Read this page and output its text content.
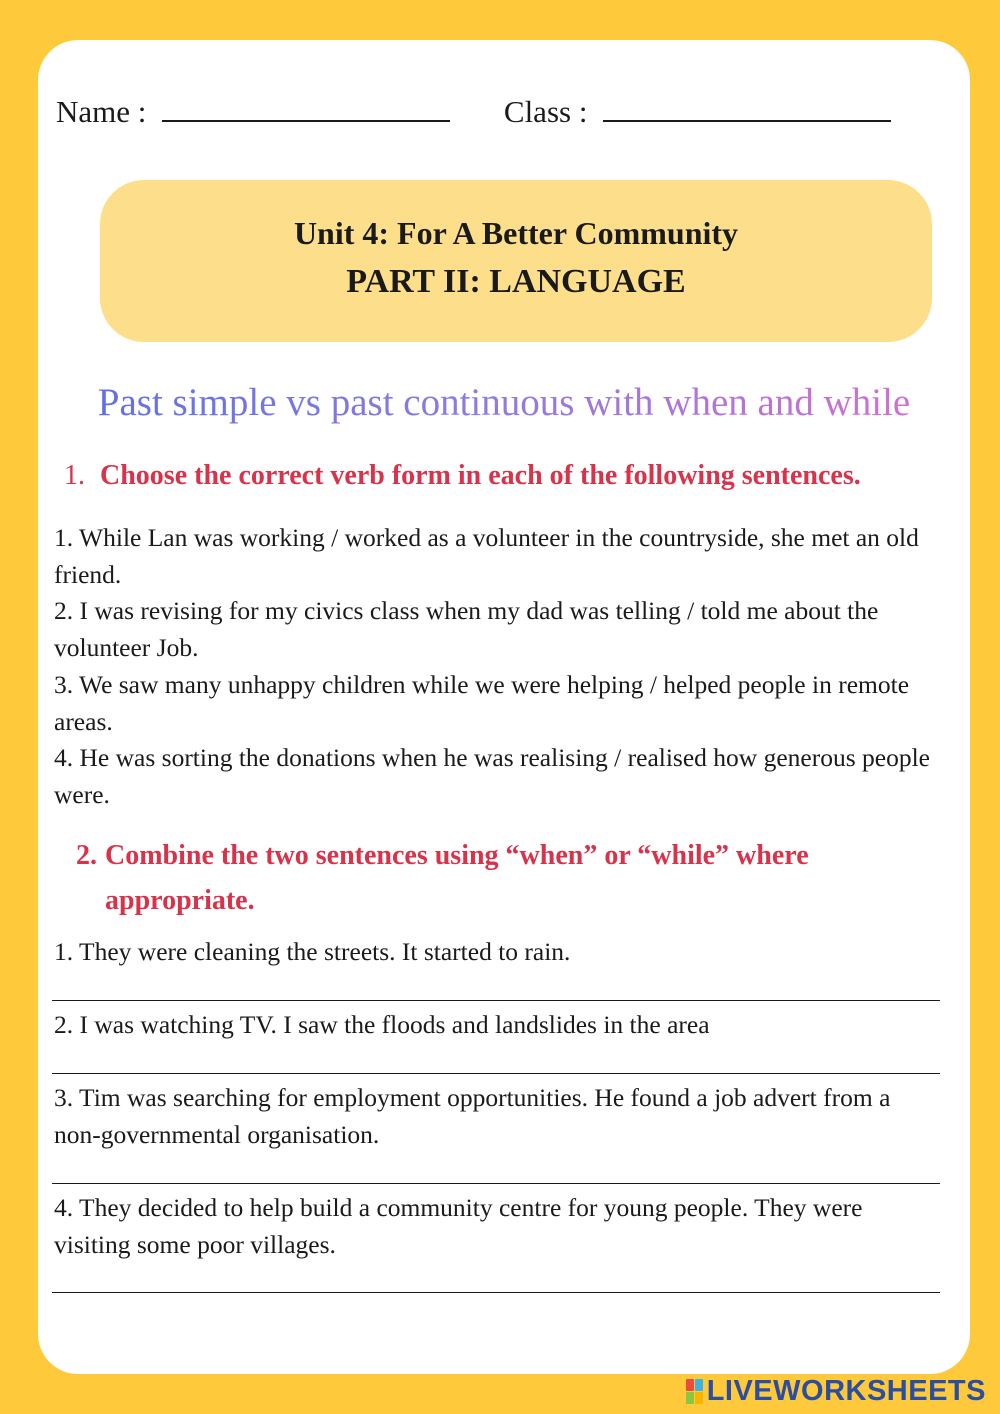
Name :	Class :
Unit 4: For A Better Community
PART II: LANGUAGE
Past simple vs past continuous with when and while
1. Choose the correct verb form in each of the following sentences.

1. While Lan was working / worked as a volunteer in the countryside, she met an old friend.

2. I was revising for my civics class when my dad was telling / told me about the volunteer Job.

3. We saw many unhappy children while we were helping / helped people in remote areas.

4. He was sorting the donations when he was realising / realised how generous people were.

2. Combine the two sentences using “when” or “while” where appropriate.

1. They were cleaning the streets. It started to rain.

2. I was watching TV. I saw the floods and landslides in the area

3. Tim was searching for employment opportunities. He found a job advert from a non-governmental organisation.

4. They decided to help build a community centre for young people. They were visiting some poor villages.

LIVEWORKSHEETS
